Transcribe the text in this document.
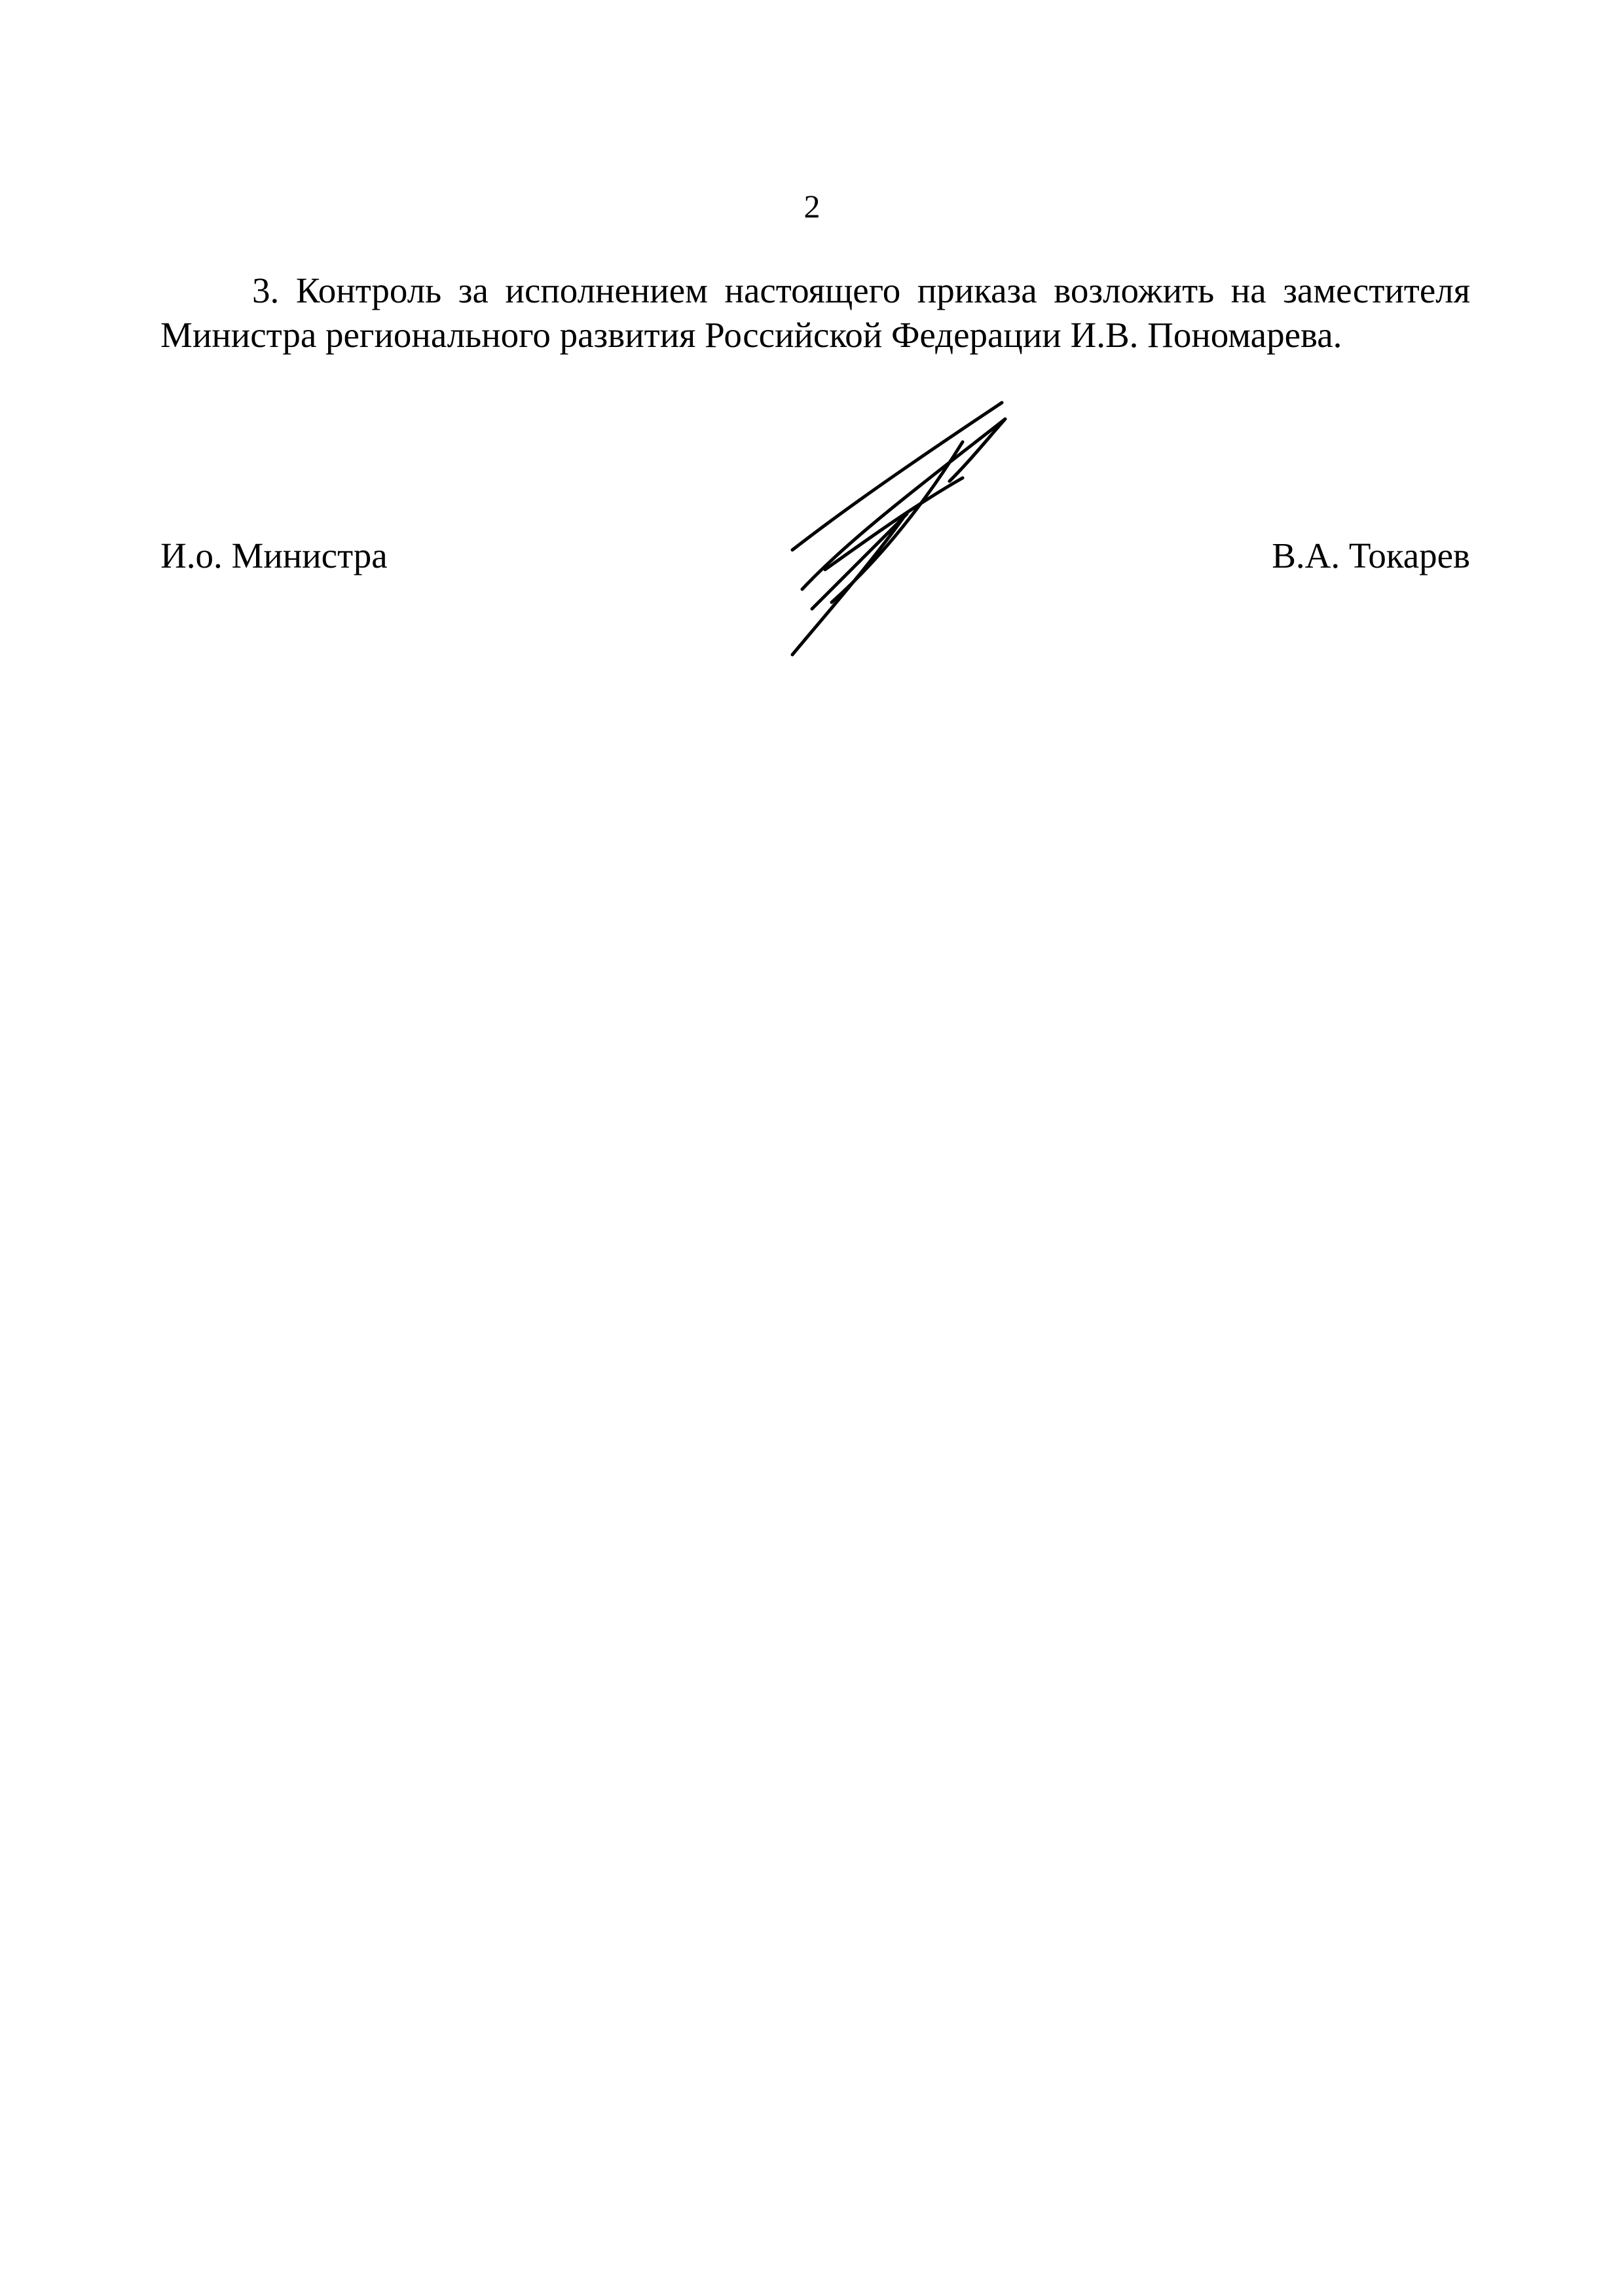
2

3. Контроль за исполнением настоящего приказа возложить на заместителя Министра регионального развития Российской Федерации И.В. Пономарева.

И.о. Министра	В.А. Токарев
